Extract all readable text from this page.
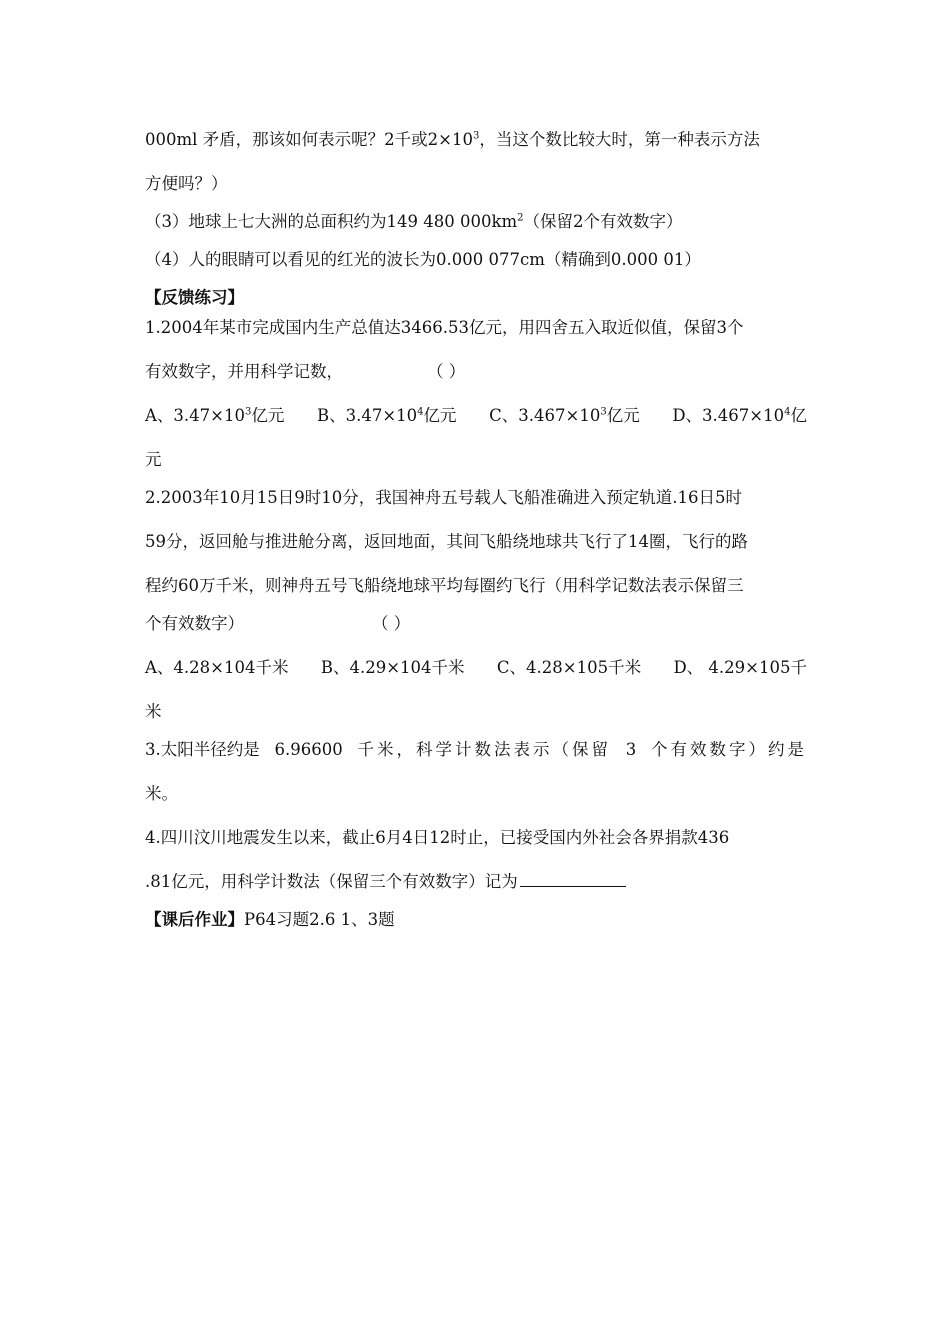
000ml 矛盾，那该如何表示呢？2千或$2\times 10^3$，当这个数比较大时，第一种表示方法
方便吗？）
（3）地球上七大洲的总面积约为149 480 $000km^2$（保留2个有效数字）
（4）人的眼睛可以看见的红光的波长为0.000 077cm（精确到0.000 01）
【反馈练习】
1.2004年某市完成国内生产总值达3466.53亿元，用四舍五入取近似值，保留3个
有效数字，并用科学记数，	（ ）
A、$3.47\times 10^3$亿元 B、$3.47\times 10^4$亿元 C、$3.467\times 10^3$亿元 D、$3.467\times 10^4$亿
元
2.2003年10月15日9时10分，我国神舟五号载人飞船准确进入预定轨道.16日5时
59分，返回舱与推进舱分离，返回地面，其间飞船绕地球共飞行了14圈，飞行的路
程约60万千米，则神舟五号飞船绕地球平均每圈约飞行（用科学记数法表示保留三
个有效数字）	（ ）
A、4.28×104千米 B、4.29×104千米 C、4.28×105千米 D、 4.29×105千
米
3.太阳半径约是 6.96600 千米，科学计数法表示（保留 3 个有效数字）约是
米。
4.四川汶川地震发生以来，截止6月4日12时止，已接受国内外社会各界捐款436
.81亿元，用科学计数法（保留三个有效数字）记为
【课后作业】P64习题2.6 1、3题
